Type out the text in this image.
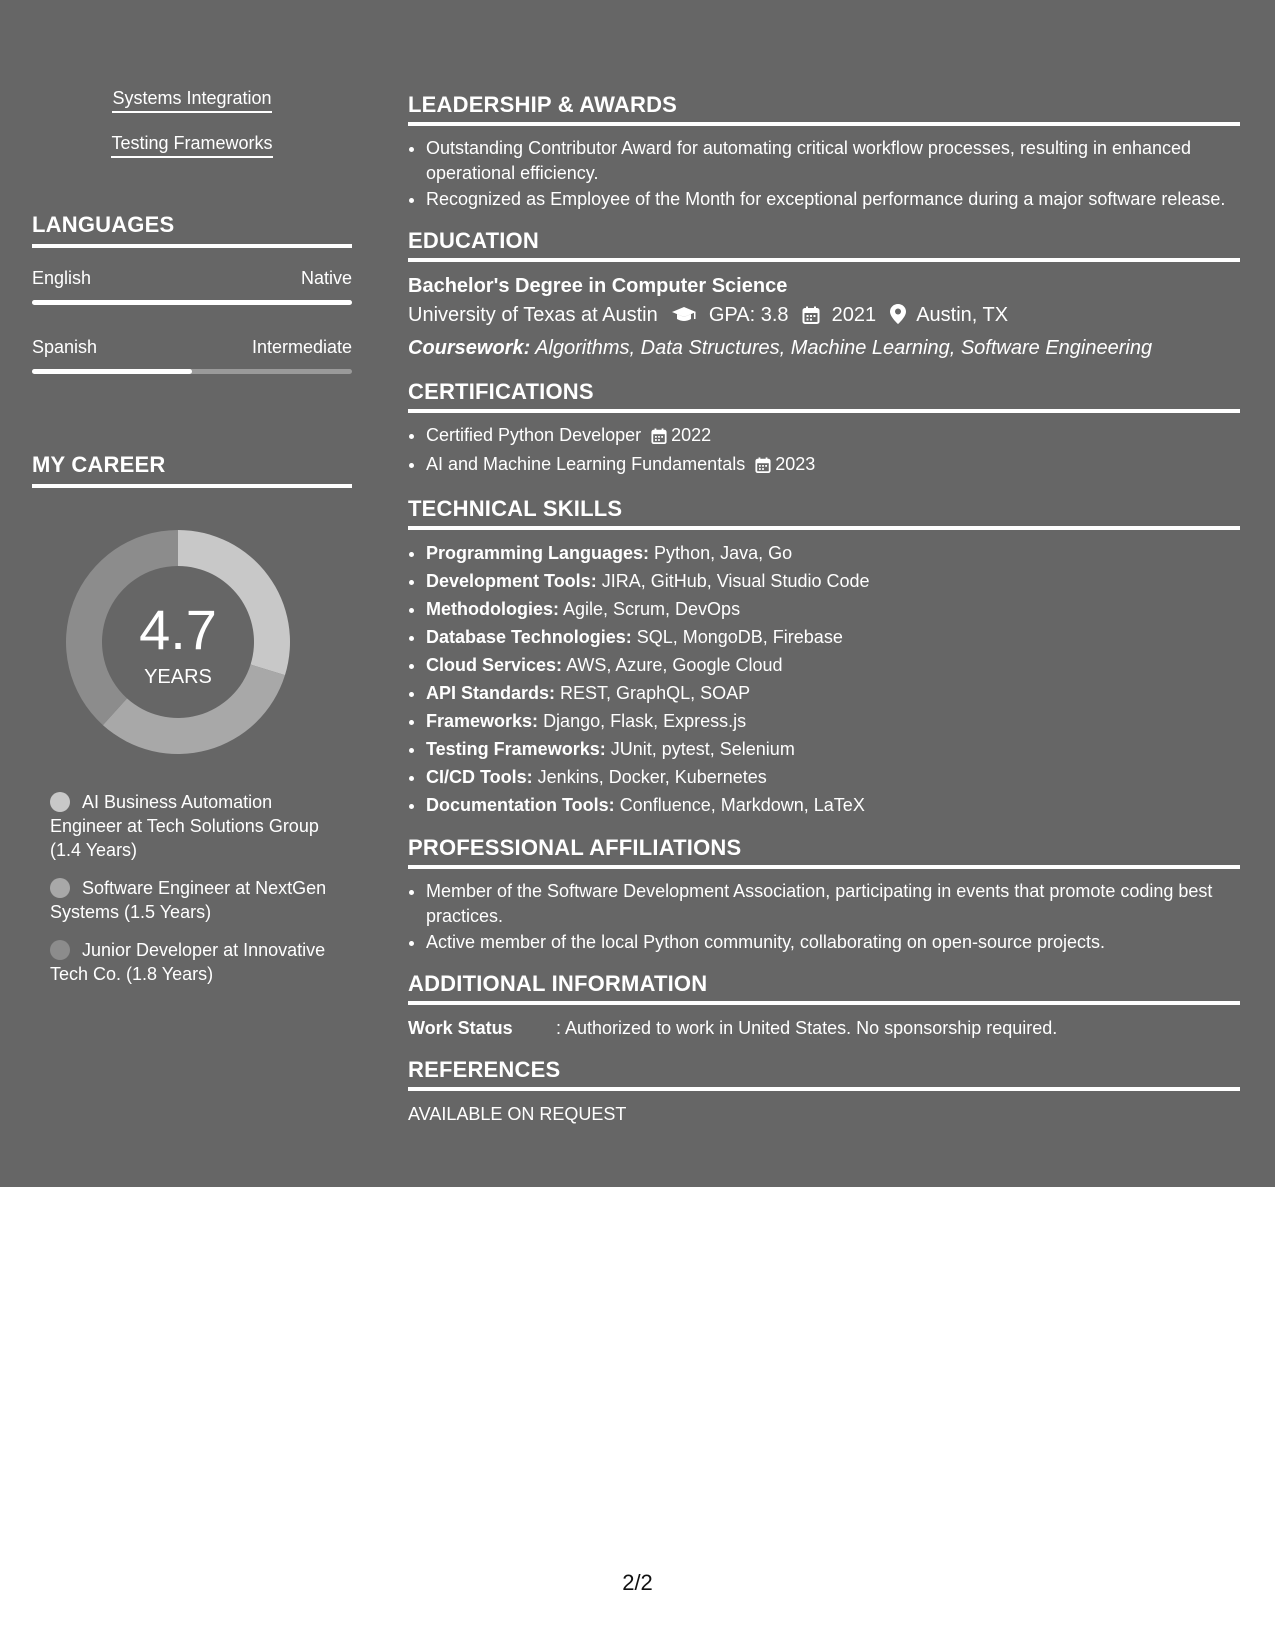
Systems Integration
Testing Frameworks
LANGUAGES
English	Native
Spanish	Intermediate
MY CAREER
4.7
YEARS
AI Business Automation Engineer at Tech Solutions Group (1.4 Years)
Software Engineer at NextGen Systems (1.5 Years)
Junior Developer at Innovative Tech Co. (1.8 Years)
LEADERSHIP & AWARDS
• Outstanding Contributor Award for automating critical workflow processes, resulting in enhanced operational efficiency.
• Recognized as Employee of the Month for exceptional performance during a major software release.
EDUCATION
Bachelor's Degree in Computer Science
University of Texas at Austin	GPA: 3.8 2021 Austin, TX
Coursework: Algorithms, Data Structures, Machine Learning, Software Engineering
CERTIFICATIONS
• Certified Python Developer 2022
• AI and Machine Learning Fundamentals 2023
TECHNICAL SKILLS
• Programming Languages: Python, Java, Go
• Development Tools: JIRA, GitHub, Visual Studio Code
• Methodologies: Agile, Scrum, DevOps
• Database Technologies: SQL, MongoDB, Firebase
• Cloud Services: AWS, Azure, Google Cloud
• API Standards: REST, GraphQL, SOAP
• Frameworks: Django, Flask, Express.js
• Testing Frameworks: JUnit, pytest, Selenium
• CI/CD Tools: Jenkins, Docker, Kubernetes
• Documentation Tools: Confluence, Markdown, LaTeX
PROFESSIONAL AFFILIATIONS
• Member of the Software Development Association, participating in events that promote coding best practices.
• Active member of the local Python community, collaborating on open-source projects.
ADDITIONAL INFORMATION
Work Status : Authorized to work in United States. No sponsorship required.
REFERENCES
AVAILABLE ON REQUEST
2/2
